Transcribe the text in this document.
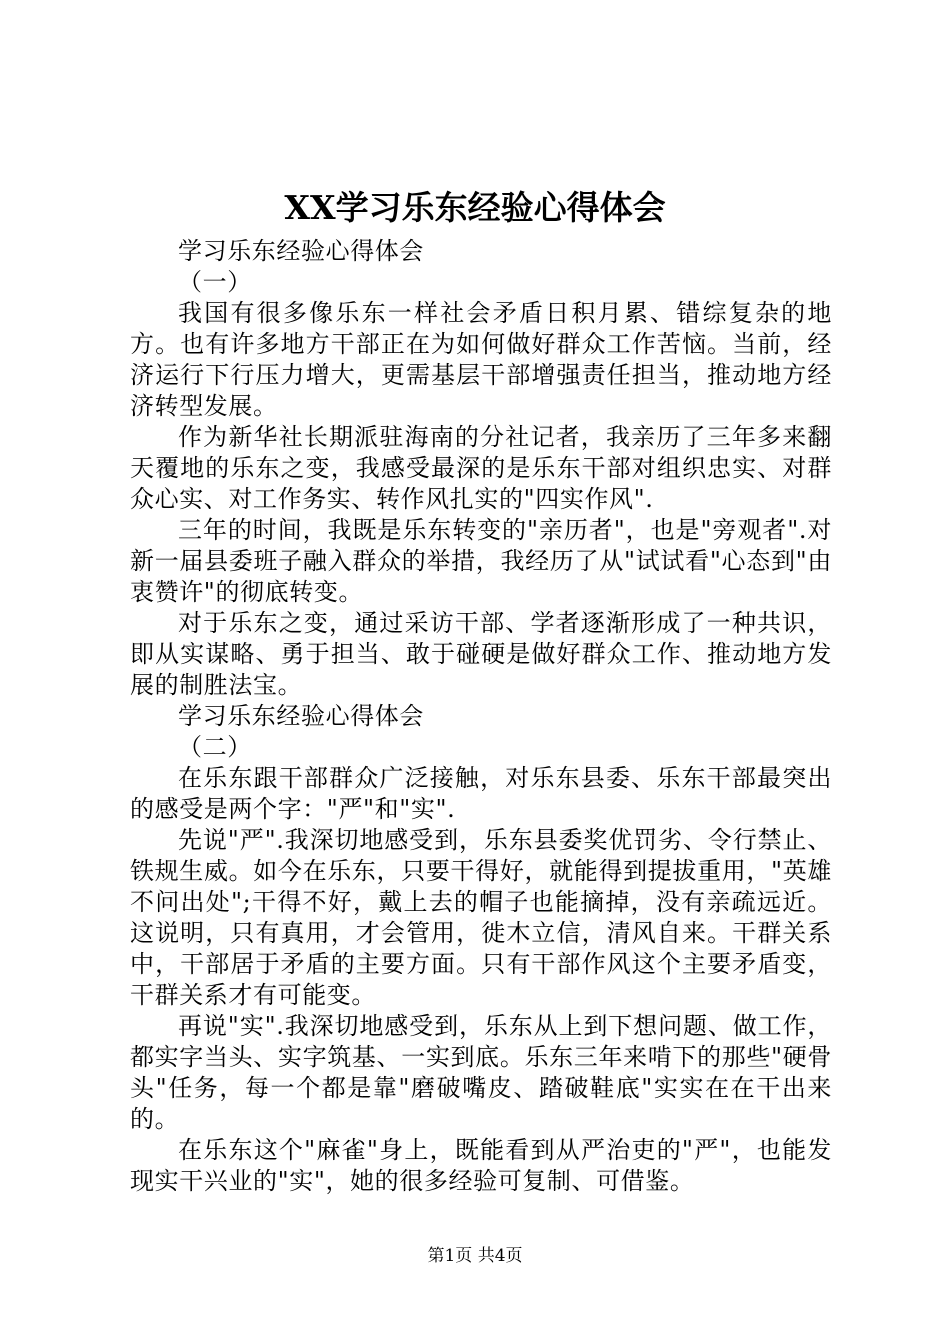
XX学习乐东经验心得体会

学习乐东经验心得体会

（一）

我国有很多像乐东一样社会矛盾日积月累、错综复杂的地方。也有许多地方干部正在为如何做好群众工作苦恼。当前，经济运行下行压力增大，更需基层干部增强责任担当，推动地方经济转型发展。

作为新华社长期派驻海南的分社记者，我亲历了三年多来翻天覆地的乐东之变，我感受最深的是乐东干部对组织忠实、对群众心实、对工作务实、转作风扎实的"四实作风".

三年的时间，我既是乐东转变的"亲历者"，也是"旁观者".对新一届县委班子融入群众的举措，我经历了从"试试看"心态到"由衷赞许"的彻底转变。

对于乐东之变，通过采访干部、学者逐渐形成了一种共识，即从实谋略、勇于担当、敢于碰硬是做好群众工作、推动地方发展的制胜法宝。

学习乐东经验心得体会

（二）

在乐东跟干部群众广泛接触，对乐东县委、乐东干部最突出的感受是两个字："严"和"实".

先说"严".我深切地感受到，乐东县委奖优罚劣、令行禁止、铁规生威。如今在乐东，只要干得好，就能得到提拔重用，"英雄不问出处";干得不好，戴上去的帽子也能摘掉，没有亲疏远近。这说明，只有真用，才会管用，徙木立信，清风自来。干群关系中，干部居于矛盾的主要方面。只有干部作风这个主要矛盾变，干群关系才有可能变。

再说"实".我深切地感受到，乐东从上到下想问题、做工作，都实字当头、实字筑基、一实到底。乐东三年来啃下的那些"硬骨头"任务，每一个都是靠"磨破嘴皮、踏破鞋底"实实在在干出来的。

在乐东这个"麻雀"身上，既能看到从严治吏的"严"，也能发现实干兴业的"实"，她的很多经验可复制、可借鉴。

第1页 共4页
